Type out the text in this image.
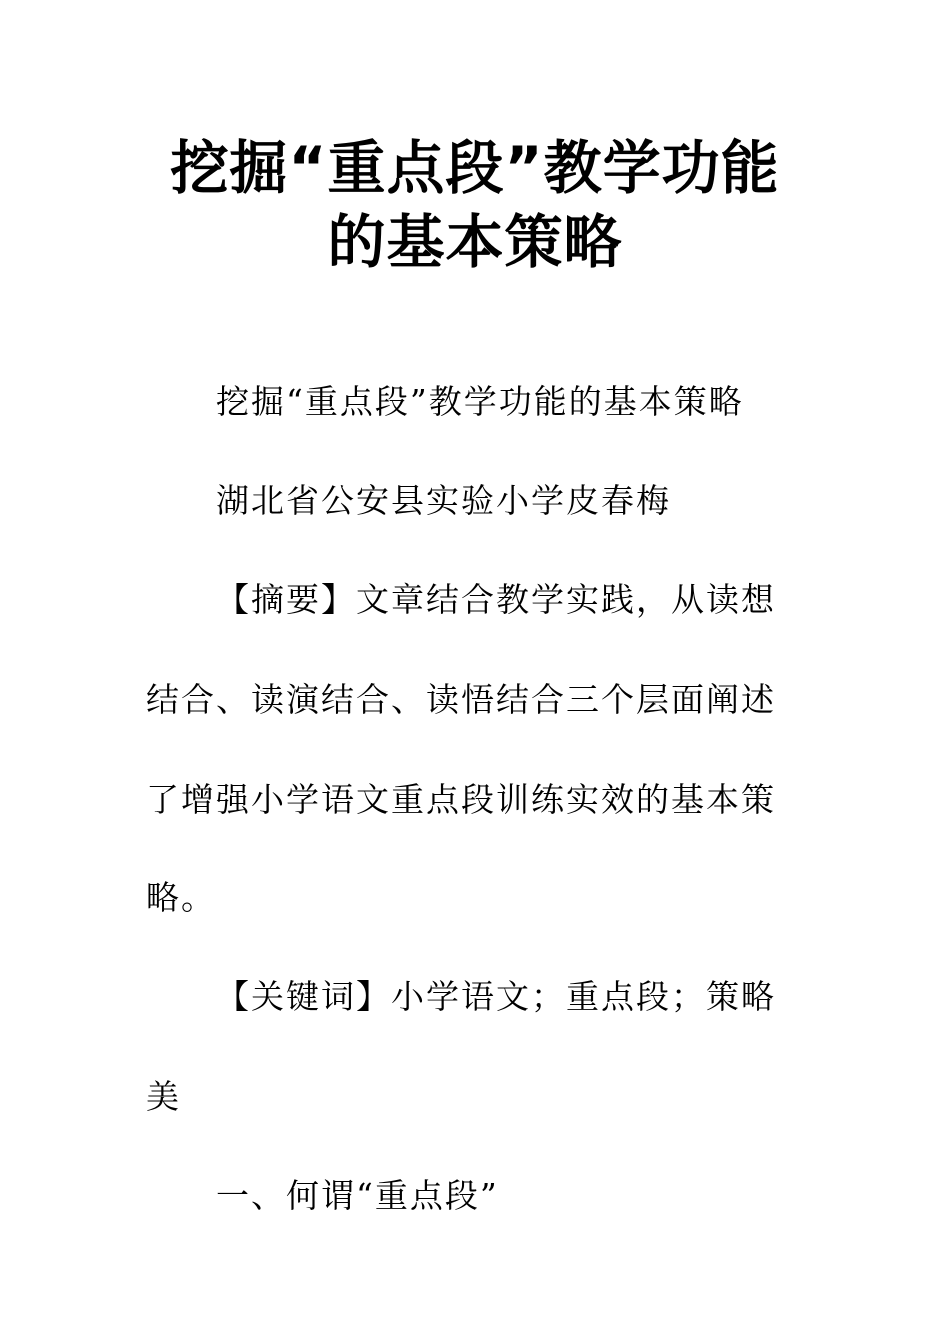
挖掘“重点段”教学功能
的基本策略
挖掘“重点段”教学功能的基本策略
湖北省公安县实验小学皮春梅
【摘要】文章结合教学实践，从读想
结合、读演结合、读悟结合三个层面阐述
了增强小学语文重点段训练实效的基本策
略。
【关键词】小学语文；重点段；策略
美
一、何谓“重点段”
